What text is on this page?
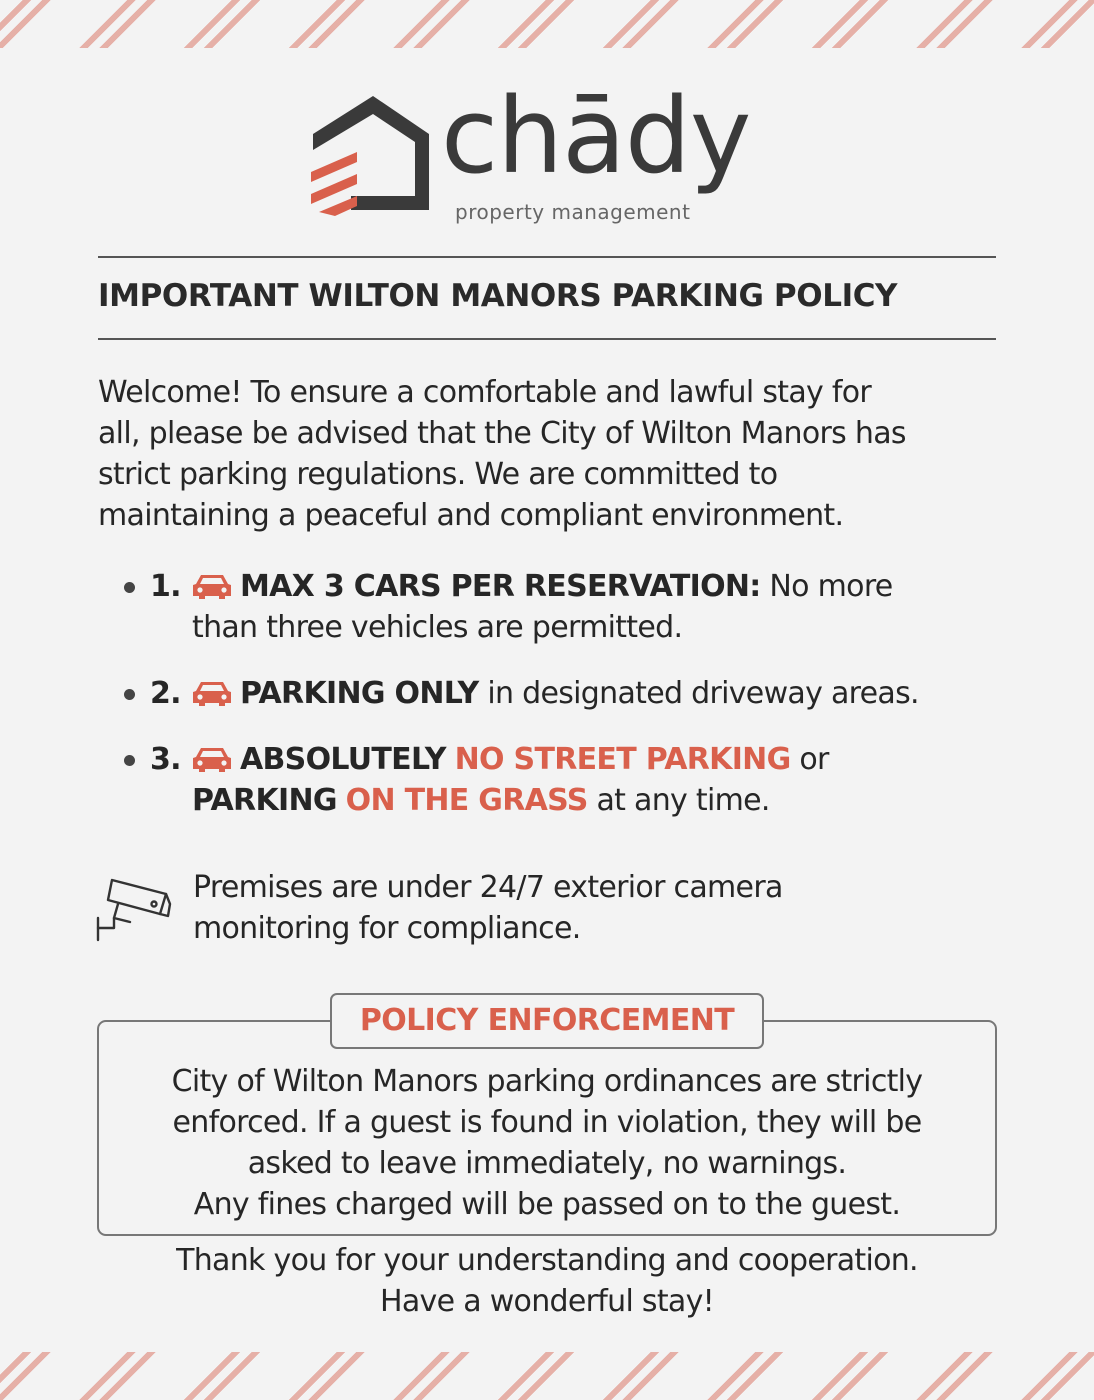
chādy
property management
IMPORTANT WILTON MANORS PARKING POLICY
Welcome! To ensure a comfortable and lawful stay for
all, please be advised that the City of Wilton Manors has
strict parking regulations. We are committed to
maintaining a peaceful and compliant environment.
1. MAX 3 CARS PER RESERVATION: No more
than three vehicles are permitted.
2. PARKING ONLY in designated driveway areas.
3. ABSOLUTELY NO STREET PARKING or
PARKING ON THE GRASS at any time.
Premises are under 24/7 exterior camera
monitoring for compliance.
POLICY ENFORCEMENT
City of Wilton Manors parking ordinances are strictly
enforced. If a guest is found in violation, they will be
asked to leave immediately, no warnings.
Any fines charged will be passed on to the guest.
Thank you for your understanding and cooperation.
Have a wonderful stay!
